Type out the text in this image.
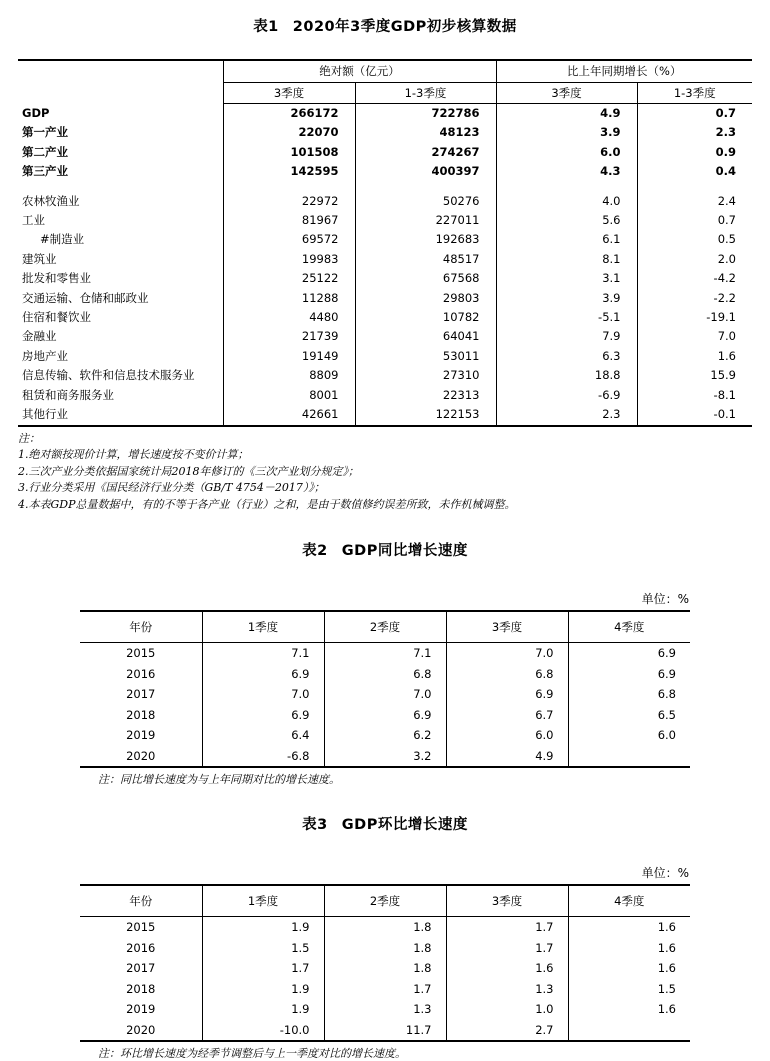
表1 2020年3季度GDP初步核算数据
	绝对额（亿元）		比上年同期增长（%）	
	3季度	1-3季度	3季度	1-3季度
GDP	266172	722786	4.9	0.7
第一产业	22070	48123	3.9	2.3
第二产业	101508	274267	6.0	0.9
第三产业	142595	400397	4.3	0.4

农林牧渔业	22972	50276	4.0	2.4
工业	81967	227011	5.6	0.7
#制造业	69572	192683	6.1	0.5
建筑业	19983	48517	8.1	2.0
批发和零售业	25122	67568	3.1	-4.2
交通运输、仓储和邮政业	11288	29803	3.9	-2.2
住宿和餐饮业	4480	10782	-5.1	-19.1
金融业	21739	64041	7.9	7.0
房地产业	19149	53011	6.3	1.6
信息传输、软件和信息技术服务业	8809	27310	18.8	15.9
租赁和商务服务业	8001	22313	-6.9	-8.1
其他行业	42661	122153	2.3	-0.1
注：
1.绝对额按现价计算，增长速度按不变价计算；
2.三次产业分类依据国家统计局2018年修订的《三次产业划分规定》；
3.行业分类采用《国民经济行业分类（GB/T 4754－2017）》；
4.本表GDP总量数据中，有的不等于各产业（行业）之和，是由于数值修约误差所致，未作机械调整。
表2 GDP同比增长速度
单位：%
年份	1季度	2季度	3季度	4季度
2015	7.1	7.1	7.0	6.9
2016	6.9	6.8	6.8	6.9
2017	7.0	7.0	6.9	6.8
2018	6.9	6.9	6.7	6.5
2019	6.4	6.2	6.0	6.0
2020	-6.8	3.2	4.9	
注：同比增长速度为与上年同期对比的增长速度。
表3 GDP环比增长速度
单位：%
年份	1季度	2季度	3季度	4季度
2015	1.9	1.8	1.7	1.6
2016	1.5	1.8	1.7	1.6
2017	1.7	1.8	1.6	1.6
2018	1.9	1.7	1.3	1.5
2019	1.9	1.3	1.0	1.6
2020	-10.0	11.7	2.7	
注：环比增长速度为经季节调整后与上一季度对比的增长速度。
